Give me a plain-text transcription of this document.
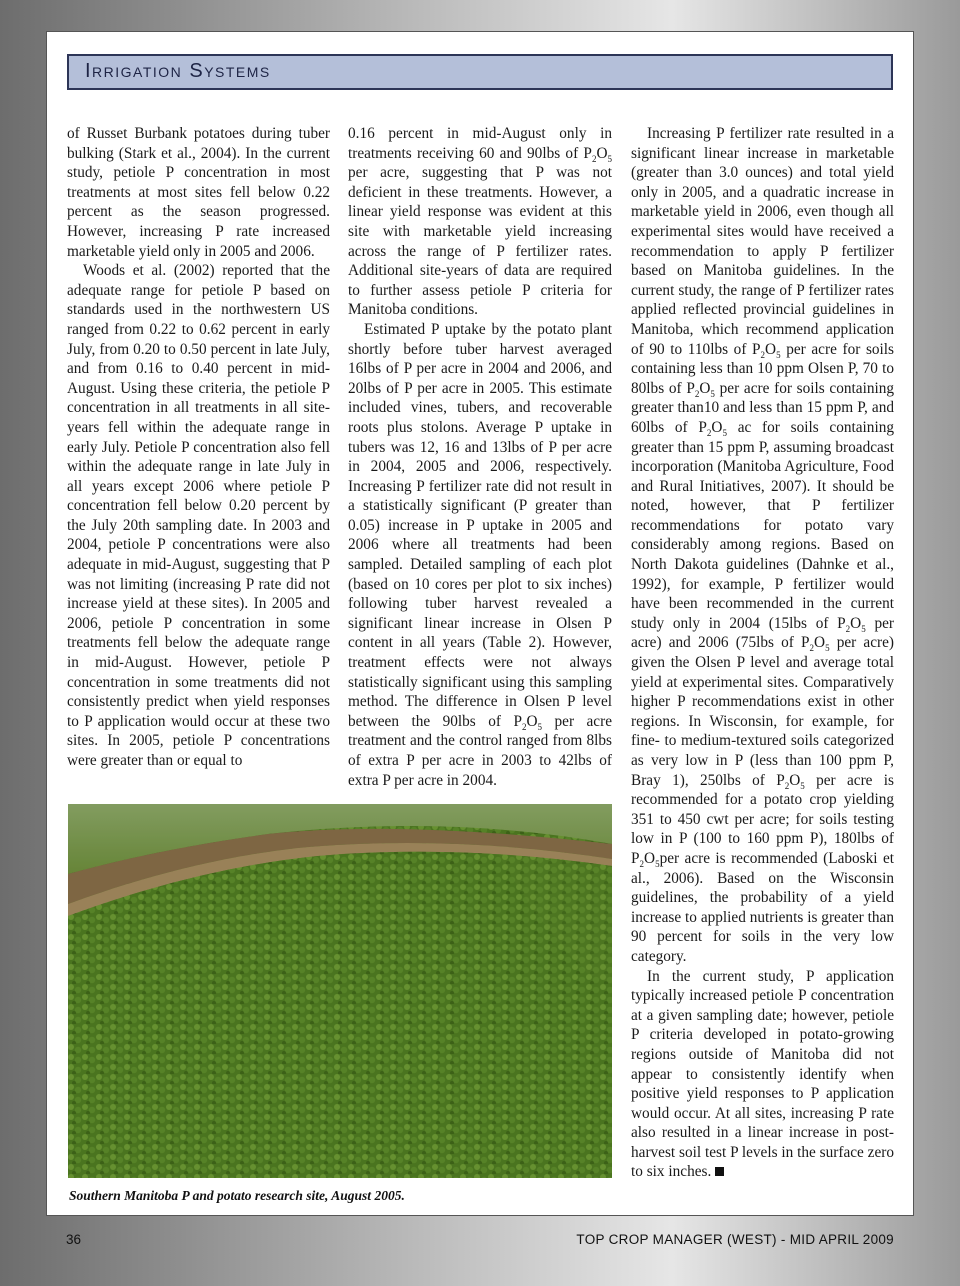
Irrigation Systems

of Russet Burbank potatoes during tuber bulking (Stark et al., 2004). In the current study, petiole P concentration in most treatments at most sites fell below 0.22 percent as the season progressed. However, increasing P rate increased marketable yield only in 2005 and 2006.

Woods et al. (2002) reported that the adequate range for petiole P based on standards used in the northwestern US ranged from 0.22 to 0.62 percent in early July, from 0.20 to 0.50 percent in late July, and from 0.16 to 0.40 percent in mid-August. Using these criteria, the petiole P concentration in all treatments in all site-years fell within the adequate range in early July. Petiole P concentration also fell within the adequate range in late July in all years except 2006 where petiole P concentration fell below 0.20 percent by the July 20th sampling date. In 2003 and 2004, petiole P concentrations were also adequate in mid-August, suggesting that P was not limiting (increasing P rate did not increase yield at these sites). In 2005 and 2006, petiole P concentration in some treatments fell below the adequate range in mid-August. However, petiole P concentration in some treatments did not consistently predict when yield responses to P application would occur at these two sites. In 2005, petiole P concentrations were greater than or equal to

0.16 percent in mid-August only in treatments receiving 60 and 90lbs of $P_2O_5$ per acre, suggesting that P was not deficient in these treatments. However, a linear yield response was evident at this site with marketable yield increasing across the range of P fertilizer rates. Additional site-years of data are required to further assess petiole P criteria for Manitoba conditions.

Estimated P uptake by the potato plant shortly before tuber harvest averaged 16lbs of P per acre in 2004 and 2006, and 20lbs of P per acre in 2005. This estimate included vines, tubers, and recoverable roots plus stolons. Average P uptake in tubers was 12, 16 and 13lbs of P per acre in 2004, 2005 and 2006, respectively. Increasing P fertilizer rate did not result in a statistically significant (P greater than 0.05) increase in P uptake in 2005 and 2006 where all treatments had been sampled. Detailed sampling of each plot (based on 10 cores per plot to six inches) following tuber harvest revealed a significant linear increase in Olsen P content in all years (Table 2). However, treatment effects were not always statistically significant using this sampling method. The difference in Olsen P level between the 90lbs of $P_2O_5$ per acre treatment and the control ranged from 8lbs of extra P per acre in 2003 to 42lbs of extra P per acre in 2004.

Increasing P fertilizer rate resulted in a significant linear increase in marketable (greater than 3.0 ounces) and total yield only in 2005, and a quadratic increase in marketable yield in 2006, even though all experimental sites would have received a recommendation to apply P fertilizer based on Manitoba guidelines. In the current study, the range of P fertilizer rates applied reflected provincial guidelines in Manitoba, which recommend application of 90 to 110lbs of $P_2O_5$ per acre for soils containing less than 10 ppm Olsen P, 70 to 80lbs of $P_2O_5$ per acre for soils containing greater than10 and less than 15 ppm P, and 60lbs of $P_2O_5$ ac for soils containing greater than 15 ppm P, assuming broadcast incorporation (Manitoba Agriculture, Food and Rural Initiatives, 2007). It should be noted, however, that P fertilizer recommendations for potato vary considerably among regions. Based on North Dakota guidelines (Dahnke et al., 1992), for example, P fertilizer would have been recommended in the current study only in 2004 (15lbs of $P_2O_5$ per acre) and 2006 (75lbs of $P_2O_5$ per acre) given the Olsen P level and average total yield at experimental sites. Comparatively higher P recommendations exist in other regions. In Wisconsin, for example, for fine- to medium-textured soils categorized as very low in P (less than 100 ppm P, Bray 1), 250lbs of $P_2O_5$ per acre is recommended for a potato crop yielding 351 to 450 cwt per acre; for soils testing low in P (100 to 160 ppm P), 180lbs of $P_2O_5per$ acre is recommended (Laboski et al., 2006). Based on the Wisconsin guidelines, the probability of a yield increase to applied nutrients is greater than 90 percent for soils in the very low category.

In the current study, P application typically increased petiole P concentration at a given sampling date; however, petiole P criteria developed in potato-growing regions outside of Manitoba did not appear to consistently identify when positive yield responses to P application would occur. At all sites, increasing P rate also resulted in a linear increase in post-harvest soil test P levels in the surface zero to six inches.

Southern Manitoba P and potato research site, August 2005.
36	TOP CROP MANAGER (WEST) - MID APRIL 2009
